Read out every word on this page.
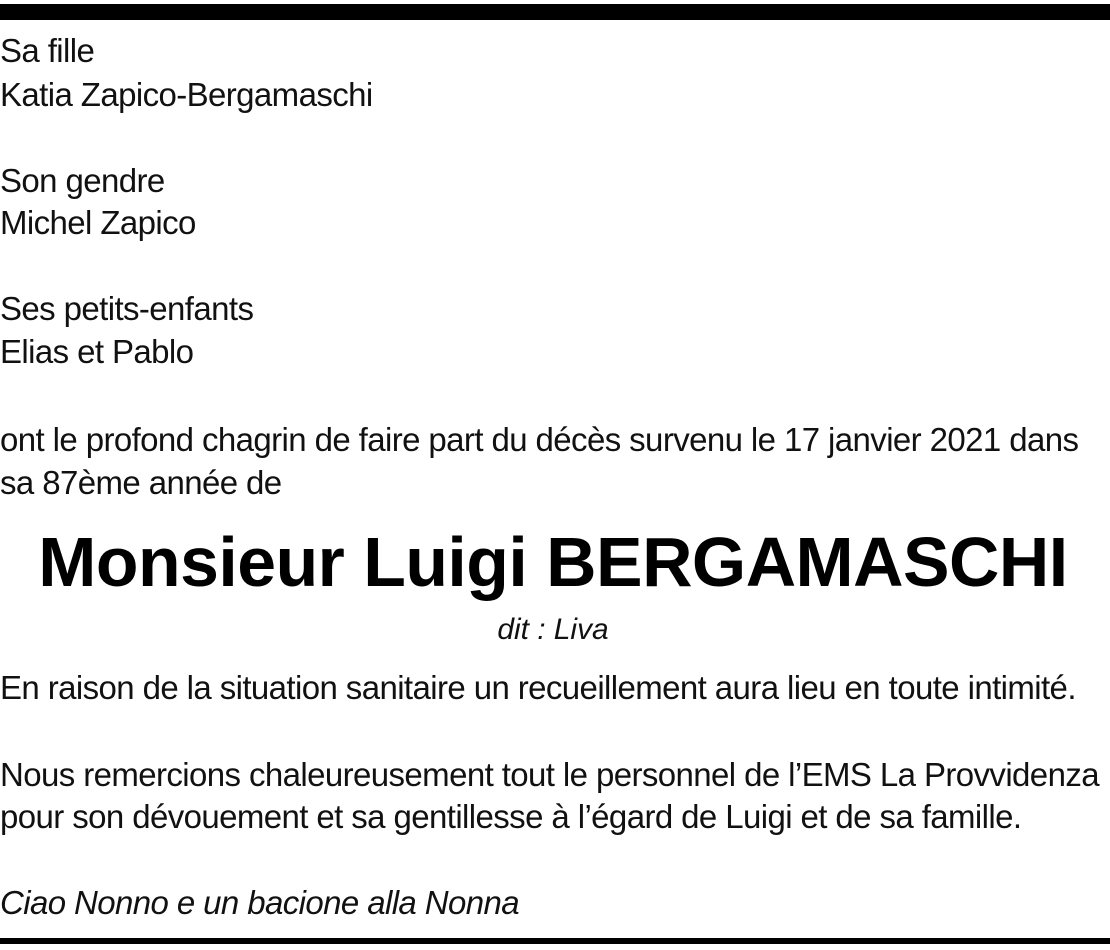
Sa fille
Katia Zapico-Bergamaschi
Son gendre
Michel Zapico
Ses petits-enfants
Elias et Pablo
ont le profond chagrin de faire part du décès survenu le 17 janvier 2021 dans
sa 87ème année de
Monsieur Luigi BERGAMASCHI
dit : Liva
En raison de la situation sanitaire un recueillement aura lieu en toute intimité.
Nous remercions chaleureusement tout le personnel de l’EMS La Provvidenza
pour son dévouement et sa gentillesse à l’égard de Luigi et de sa famille.
Ciao Nonno e un bacione alla Nonna
